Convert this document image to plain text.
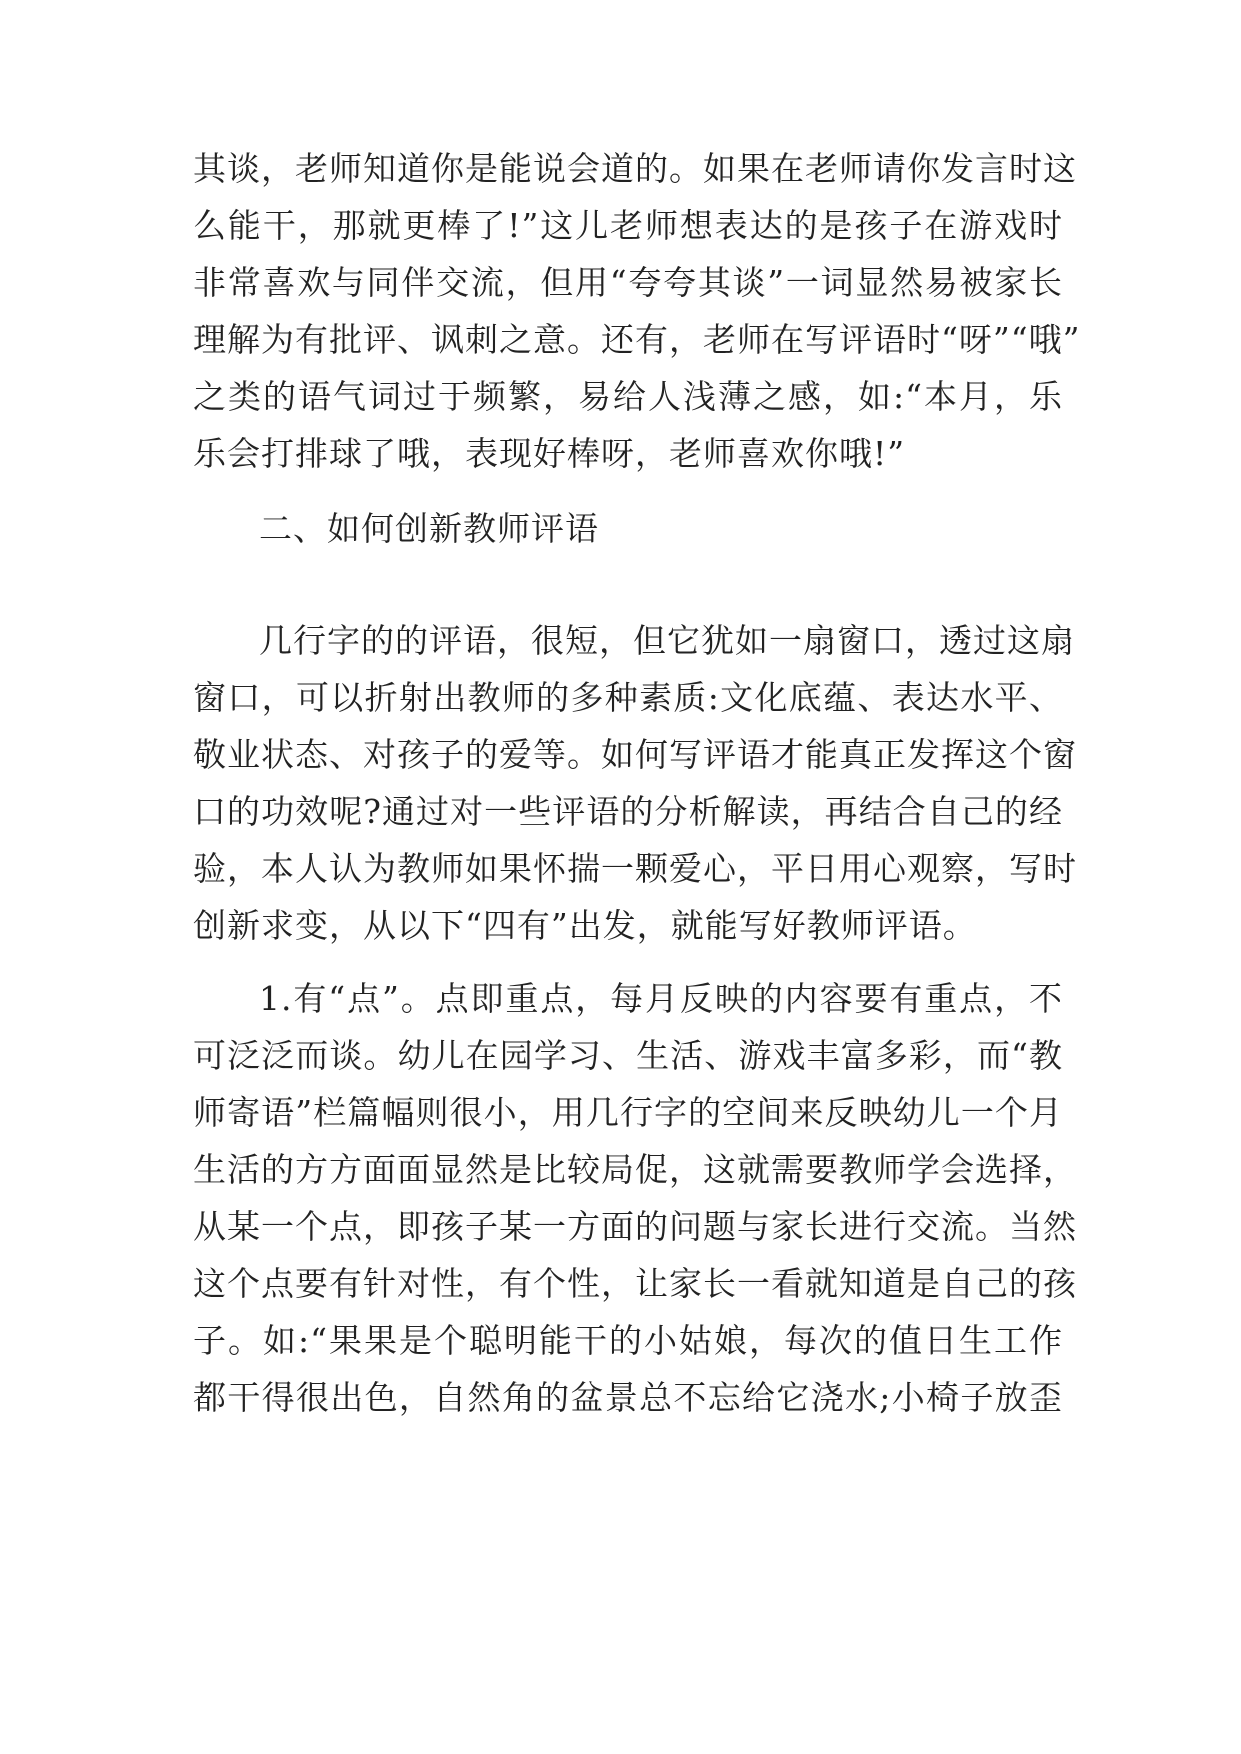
其谈，老师知道你是能说会道的。如果在老师请你发言时这
么能干，那就更棒了!”这儿老师想表达的是孩子在游戏时
非常喜欢与同伴交流，但用“夸夸其谈”一词显然易被家长
理解为有批评、讽刺之意。还有，老师在写评语时“呀”“哦”
之类的语气词过于频繁，易给人浅薄之感，如:“本月，乐
乐会打排球了哦，表现好棒呀，老师喜欢你哦!”
二、如何创新教师评语
几行字的的评语，很短，但它犹如一扇窗口，透过这扇
窗口，可以折射出教师的多种素质:文化底蕴、表达水平、
敬业状态、对孩子的爱等。如何写评语才能真正发挥这个窗
口的功效呢?通过对一些评语的分析解读，再结合自己的经
验，本人认为教师如果怀揣一颗爱心，平日用心观察，写时
创新求变，从以下“四有”出发，就能写好教师评语。
1.有“点”。点即重点，每月反映的内容要有重点，不
可泛泛而谈。幼儿在园学习、生活、游戏丰富多彩，而“教
师寄语”栏篇幅则很小，用几行字的空间来反映幼儿一个月
生活的方方面面显然是比较局促，这就需要教师学会选择，
从某一个点，即孩子某一方面的问题与家长进行交流。当然
这个点要有针对性，有个性，让家长一看就知道是自己的孩
子。如:“果果是个聪明能干的小姑娘，每次的值日生工作
都干得很出色，自然角的盆景总不忘给它浇水;小椅子放歪
